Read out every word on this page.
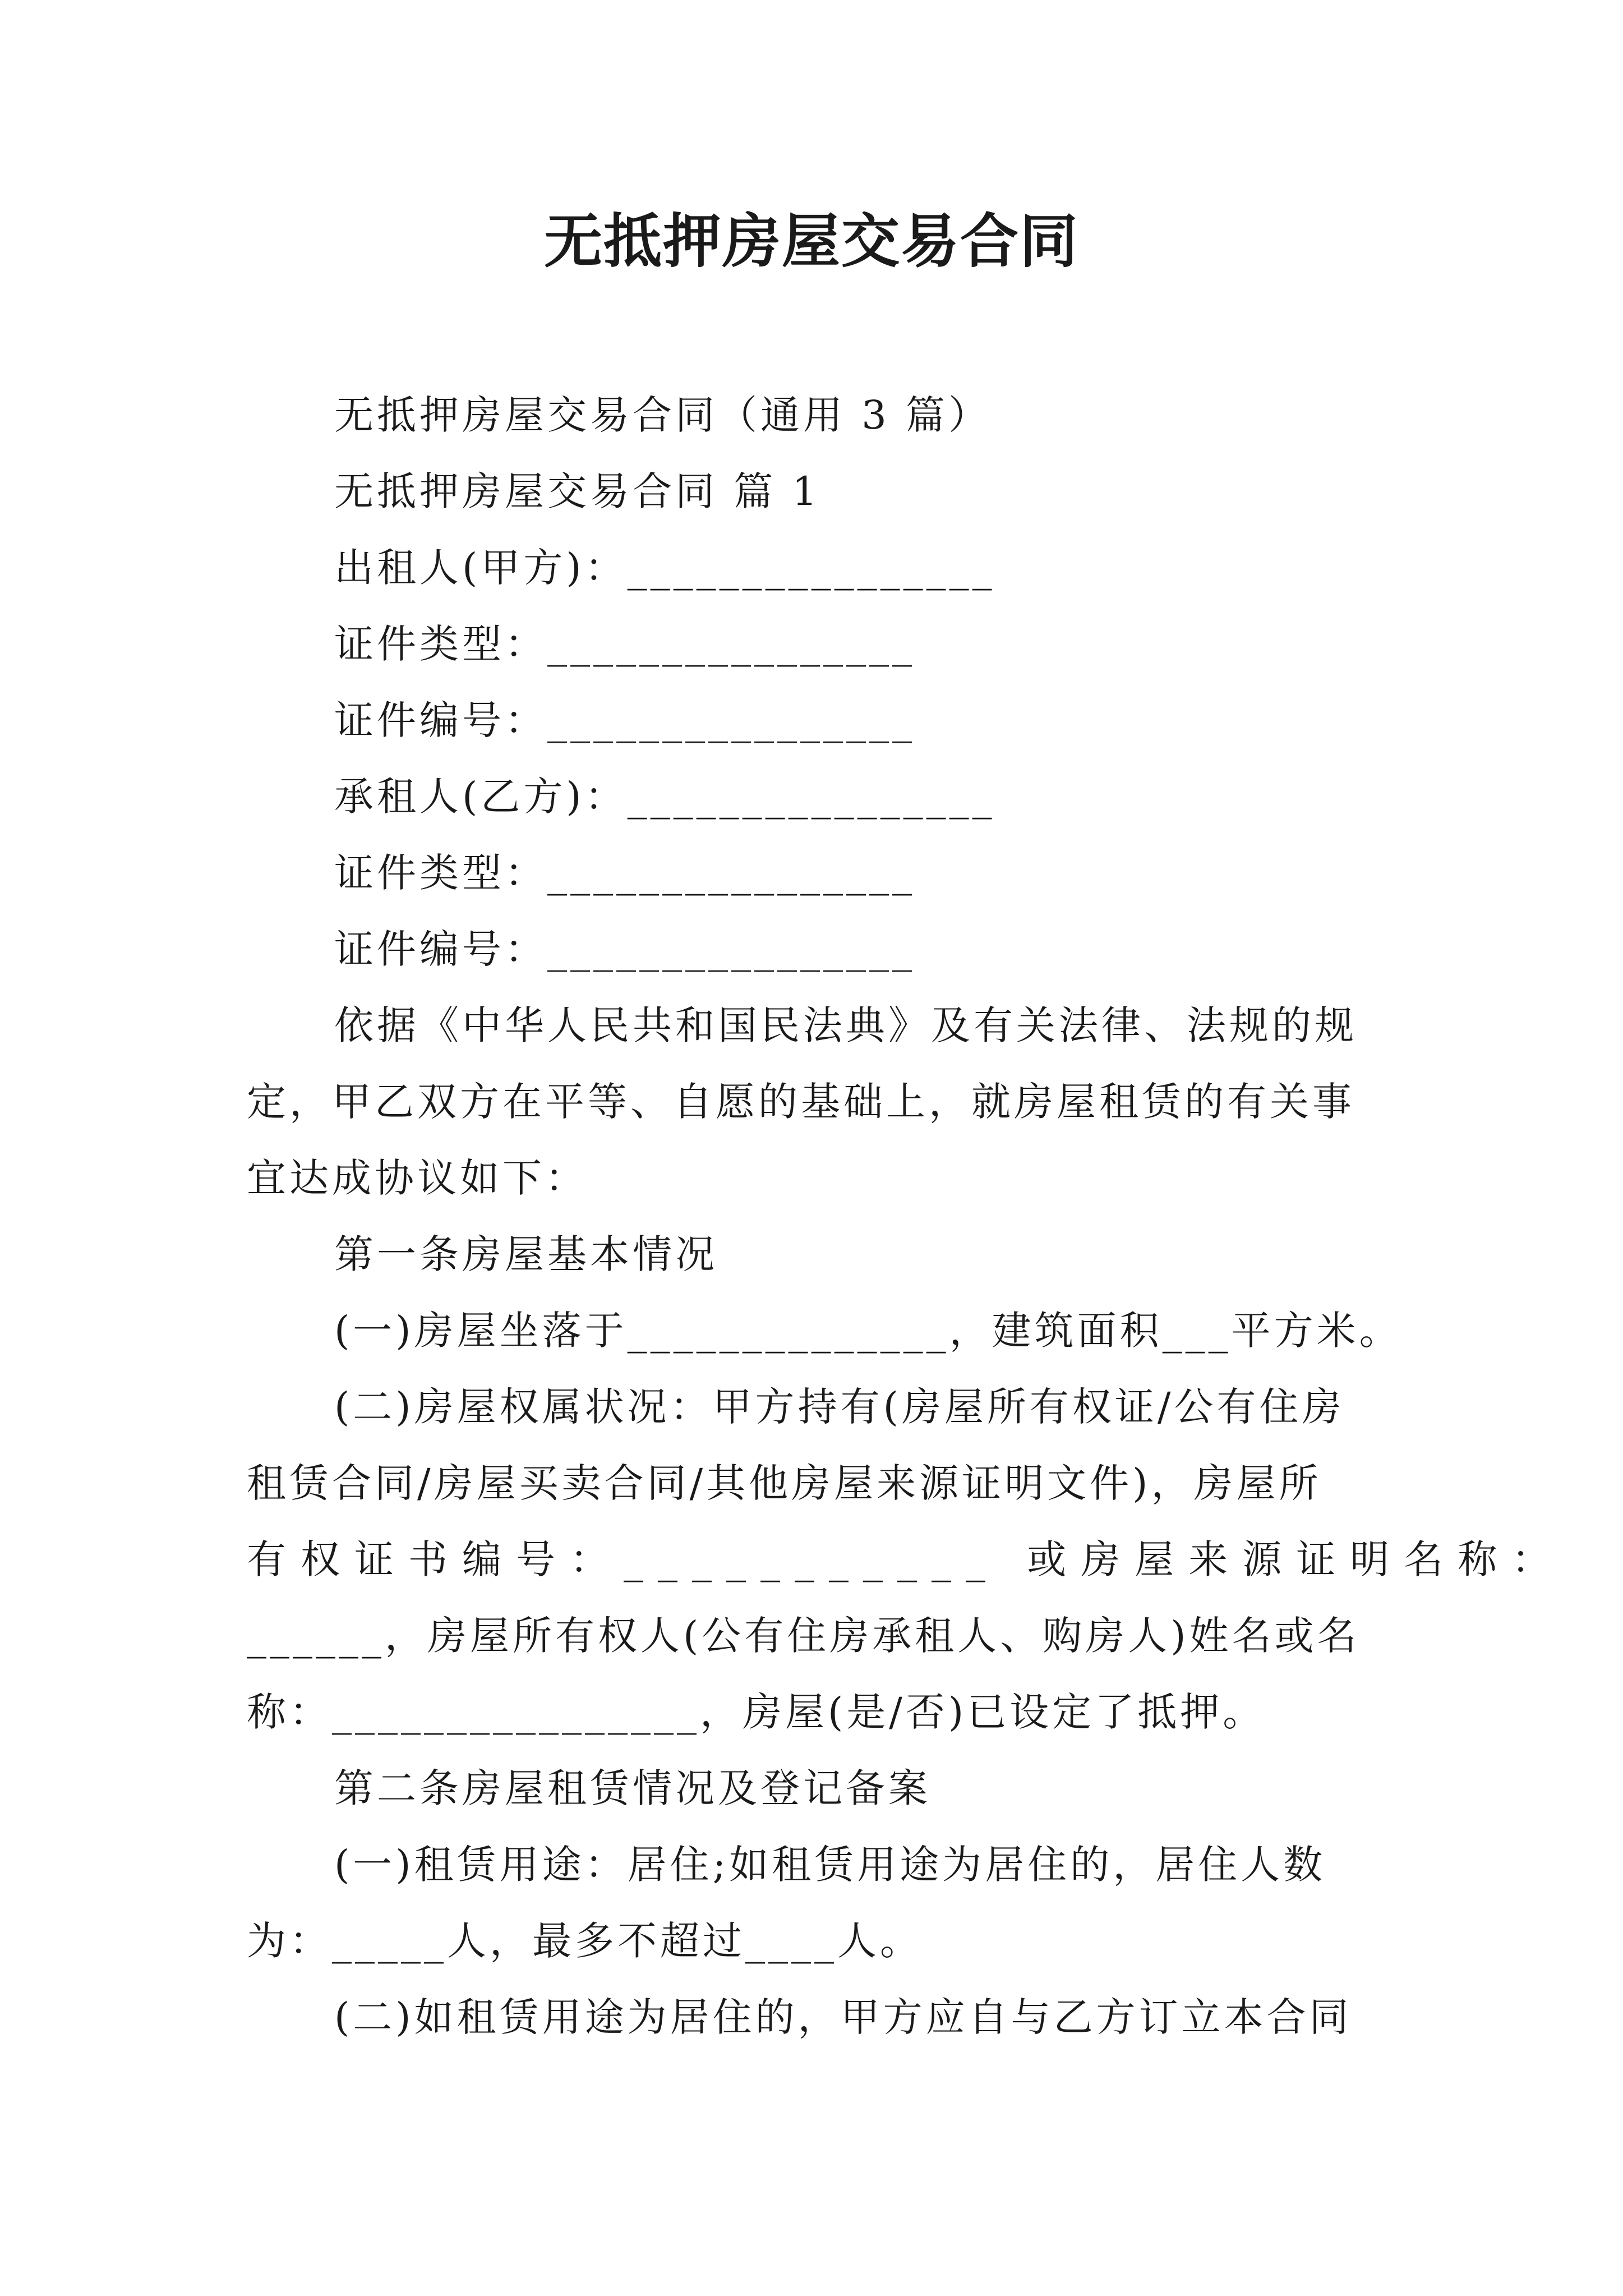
无抵押房屋交易合同
无抵押房屋交易合同（通用 3 篇）
无抵押房屋交易合同 篇 1
出租人(甲方)：________________
证件类型：________________
证件编号：________________
承租人(乙方)：________________
证件类型：________________
证件编号：________________
依据《中华人民共和国民法典》及有关法律、法规的规
定，甲乙双方在平等、自愿的基础上，就房屋租赁的有关事
宜达成协议如下：
第一条房屋基本情况
(一)房屋坐落于______________，建筑面积___平方米。
(二)房屋权属状况：甲方持有(房屋所有权证/公有住房
租赁合同/房屋买卖合同/其他房屋来源证明文件)，房屋所
有权证书编号：___________ 或房屋来源证明名称：
______，房屋所有权人(公有住房承租人、购房人)姓名或名
称：________________，房屋(是/否)已设定了抵押。
第二条房屋租赁情况及登记备案
(一)租赁用途：居住;如租赁用途为居住的，居住人数
为：_____人，最多不超过____人。
(二)如租赁用途为居住的，甲方应自与乙方订立本合同
